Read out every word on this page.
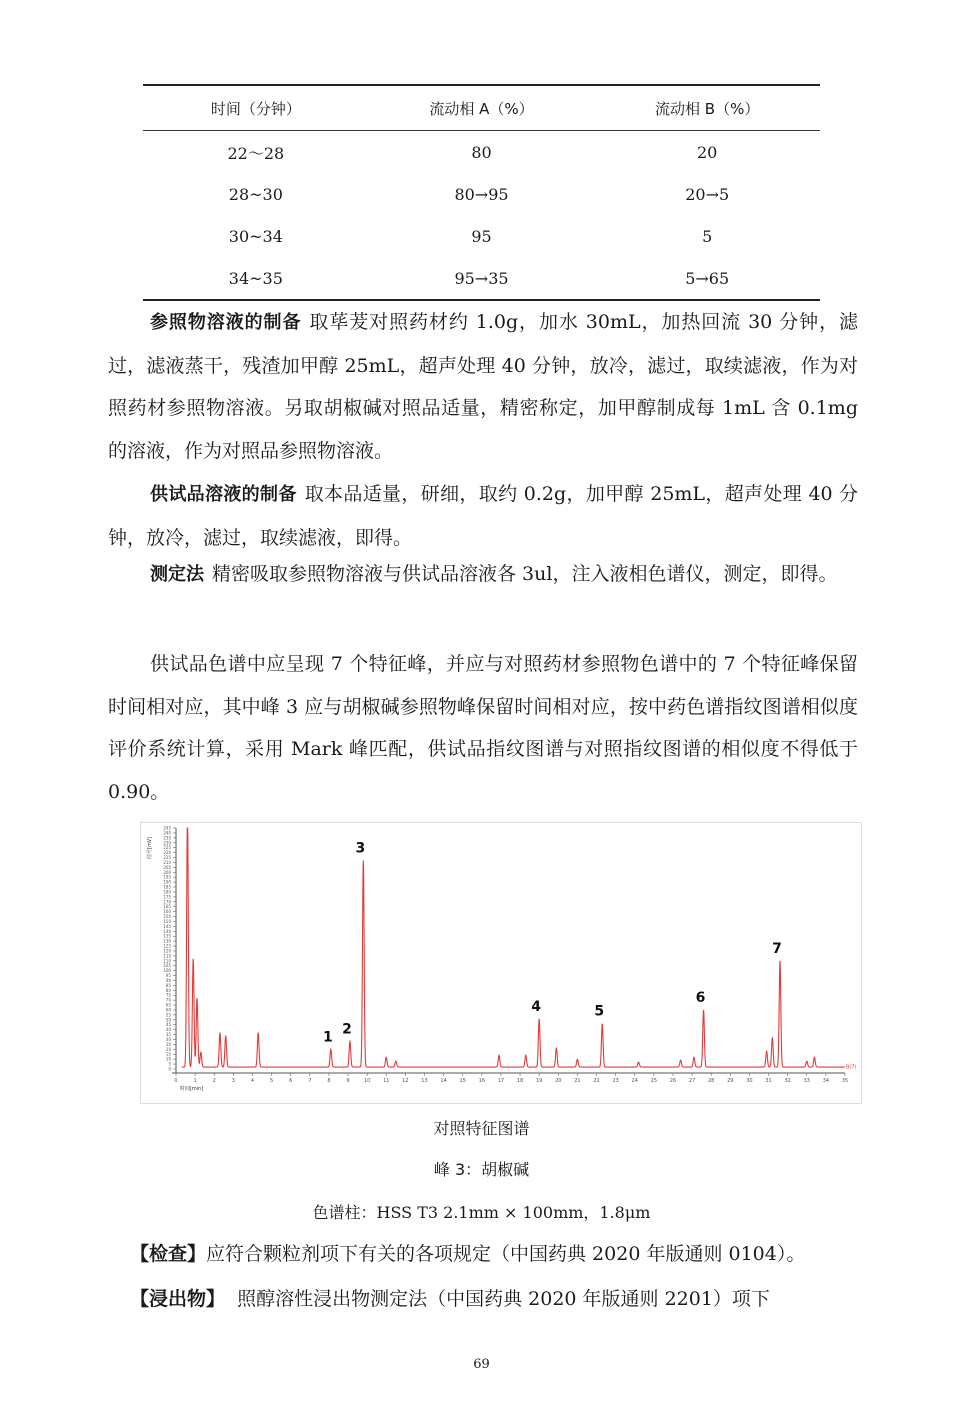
时间（分钟）	流动相 A（%）	流动相 B（%）
22～28	80	20
28~30	80→95	20→5
30~34	95	5
34~35	95→35	5→65
参照物溶液的制备 取荜茇对照药材约 1.0g，加水 30mL，加热回流 30 分钟，滤过，滤液蒸干，残渣加甲醇 25mL，超声处理 40 分钟，放冷，滤过，取续滤液，作为对照药材参照物溶液。另取胡椒碱对照品适量，精密称定，加甲醇制成每 1mL 含 0.1mg 的溶液，作为对照品参照物溶液。
供试品溶液的制备 取本品适量，研细，取约 0.2g，加甲醇 25mL，超声处理 40 分钟，放冷，滤过，取续滤液，即得。
测定法 精密吸取参照物溶液与供试品溶液各 3ul，注入液相色谱仪，测定，即得。
供试品色谱中应呈现 7 个特征峰，并应与对照药材参照物色谱中的 7 个特征峰保留时间相对应，其中峰 3 应与胡椒碱参照物峰保留时间相对应，按中药色谱指纹图谱相似度评价系统计算，采用 Mark 峰匹配，供试品指纹图谱与对照指纹图谱的相似度不得低于 0.90。
0
5
10
15
20
25
30
35
40
45
50
55
60
65
70
75
80
85
90
95
100
105
110
115
120
125
130
135
140
145
150
155
160
165
170
175
180
185
190
195
200
205
210
215
220
225
230
235
240
245
0	1	2	3	4	5	6	7	8	9	10	11	12	13	14	15	16	17	18	19	20	21	22	23	24	25	26	27	28	29	30	31	32	33	34	35
时间[min]
信号[mV]
B(7)
1 2
3
4	5
6
7
对照特征图谱
峰 3：胡椒碱
色谱柱：HSS T3 2.1mm × 100mm，1.8μm
【检查】应符合颗粒剂项下有关的各项规定（中国药典 2020 年版通则 0104）。
【浸出物】 照醇溶性浸出物测定法（中国药典 2020 年版通则 2201）项下
69
